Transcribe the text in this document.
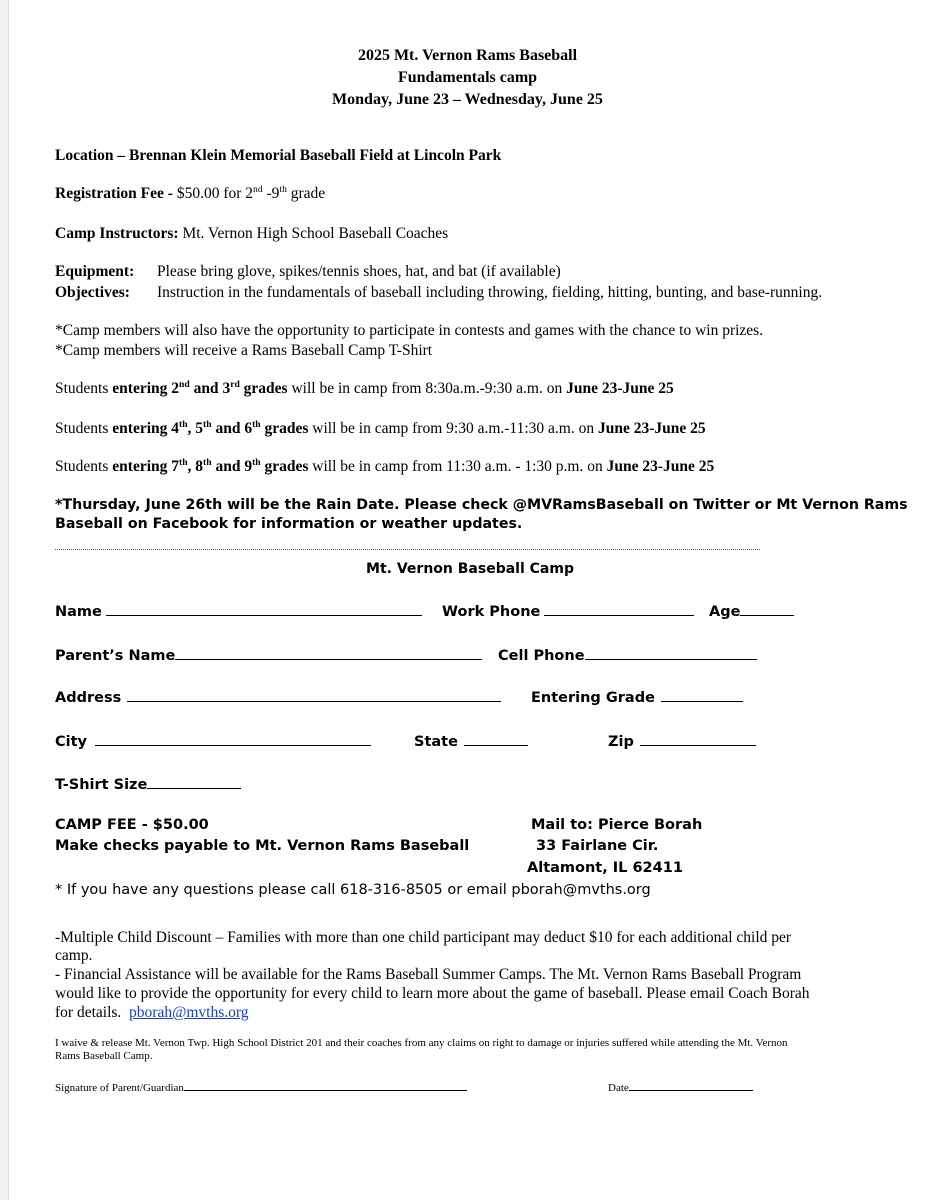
2025 Mt. Vernon Rams Baseball
Fundamentals camp
Monday, June 23 – Wednesday, June 25
Location – Brennan Klein Memorial Baseball Field at Lincoln Park
Registration Fee - $50.00 for 2nd -9th grade
Camp Instructors: Mt. Vernon High School Baseball Coaches
Equipment: Please bring glove, spikes/tennis shoes, hat, and bat (if available)
Objectives: Instruction in the fundamentals of baseball including throwing, fielding, hitting, bunting, and base-running.
*Camp members will also have the opportunity to participate in contests and games with the chance to win prizes.
*Camp members will receive a Rams Baseball Camp T-Shirt
Students entering 2nd and 3rd grades will be in camp from 8:30a.m.-9:30 a.m. on June 23-June 25
Students entering 4th, 5th and 6th grades will be in camp from 9:30 a.m.-11:30 a.m. on June 23-June 25
Students entering 7th, 8th and 9th grades will be in camp from 11:30 a.m. - 1:30 p.m. on June 23-June 25
*Thursday, June 26th will be the Rain Date. Please check @MVRamsBaseball on Twitter or Mt Vernon Rams
Baseball on Facebook for information or weather updates.
Mt. Vernon Baseball Camp
Name	Work Phone	Age
Parent’s Name	Cell Phone
Address	Entering Grade
City	State	Zip
T-Shirt Size
CAMP FEE - $50.00
Make checks payable to Mt. Vernon Rams Baseball
Mail to: Pierce Borah
33 Fairlane Cir.
Altamont, IL 62411
* If you have any questions please call 618-316-8505 or email pborah@mvths.org
-Multiple Child Discount – Families with more than one child participant may deduct $10 for each additional child per
camp.
- Financial Assistance will be available for the Rams Baseball Summer Camps. The Mt. Vernon Rams Baseball Program
would like to provide the opportunity for every child to learn more about the game of baseball. Please email Coach Borah
for details. pborah@mvths.org
I waive & release Mt. Vernon Twp. High School District 201 and their coaches from any claims on right to damage or injuries suffered while attending the Mt. Vernon
Rams Baseball Camp.
Signature of Parent/Guardian	Date
